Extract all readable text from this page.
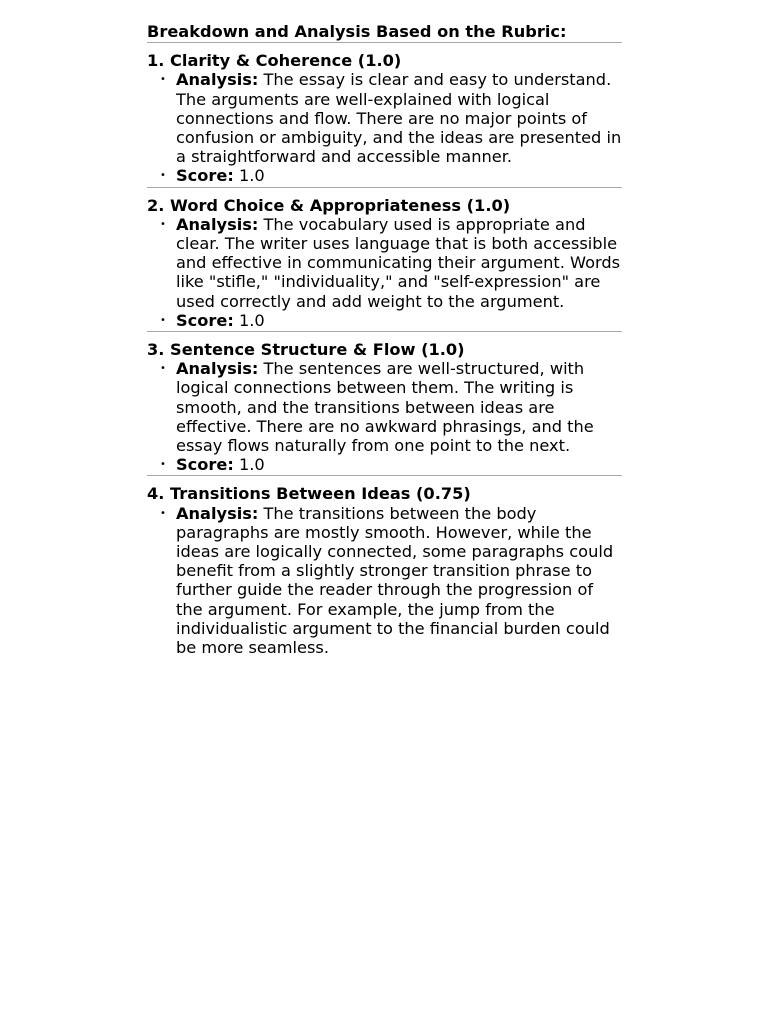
Breakdown and Analysis Based on the Rubric:
1. Clarity & Coherence (1.0)
• Analysis: The essay is clear and easy to understand. The arguments are well-explained with logical connections and flow. There are no major points of confusion or ambiguity, and the ideas are presented in a straightforward and accessible manner.
• Score: 1.0
2. Word Choice & Appropriateness (1.0)
• Analysis: The vocabulary used is appropriate and clear. The writer uses language that is both accessible and effective in communicating their argument. Words like "stifle," "individuality," and "self-expression" are used correctly and add weight to the argument.
• Score: 1.0
3. Sentence Structure & Flow (1.0)
• Analysis: The sentences are well-structured, with logical connections between them. The writing is smooth, and the transitions between ideas are effective. There are no awkward phrasings, and the essay flows naturally from one point to the next.
• Score: 1.0
4. Transitions Between Ideas (0.75)
• Analysis: The transitions between the body paragraphs are mostly smooth. However, while the ideas are logically connected, some paragraphs could benefit from a slightly stronger transition phrase to further guide the reader through the progression of the argument. For example, the jump from the individualistic argument to the financial burden could be more seamless.
